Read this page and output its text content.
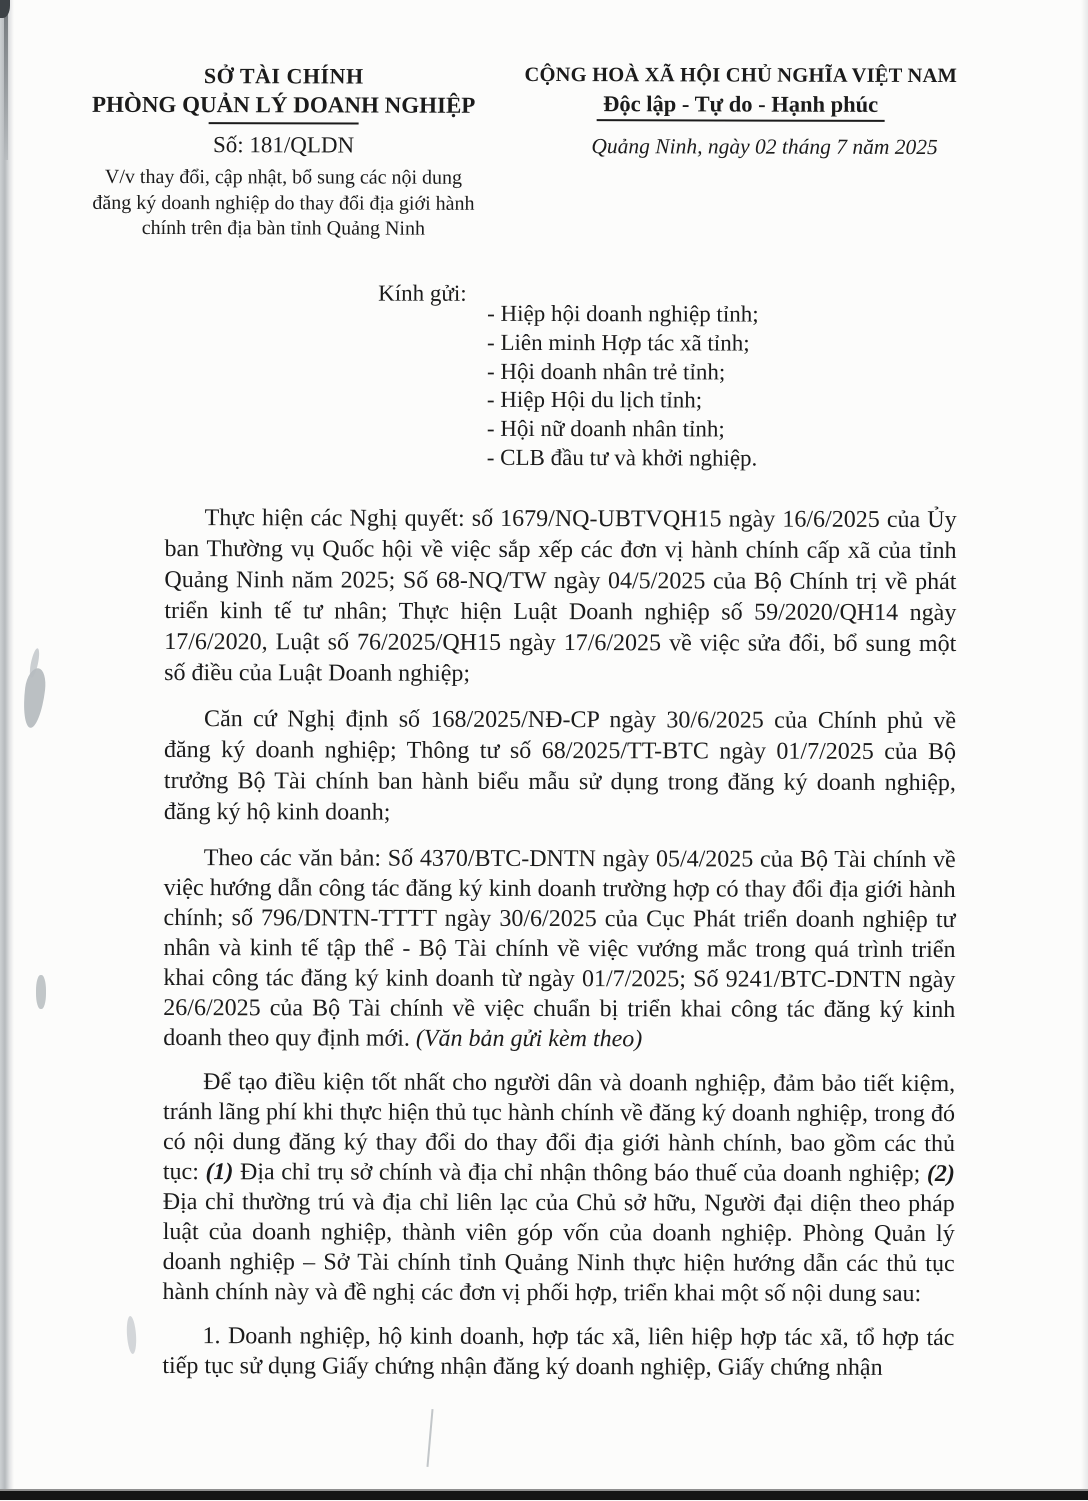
SỞ TÀI CHÍNH
PHÒNG QUẢN LÝ DOANH NGHIỆP
Số: 181/QLDN
V/v thay đổi, cập nhật, bổ sung các nội dung đăng ký doanh nghiệp do thay đổi địa giới hành chính trên địa bàn tỉnh Quảng Ninh
CỘNG HOÀ XÃ HỘI CHỦ NGHĨA VIỆT NAM
Độc lập - Tự do - Hạnh phúc
Quảng Ninh, ngày 02 tháng 7 năm 2025
Kính gửi:
- Hiệp hội doanh nghiệp tỉnh;
- Liên minh Hợp tác xã tỉnh;
- Hội doanh nhân trẻ tỉnh;
- Hiệp Hội du lịch tỉnh;
- Hội nữ doanh nhân tỉnh;
- CLB đầu tư và khởi nghiệp.

Thực hiện các Nghị quyết: số 1679/NQ-UBTVQH15 ngày 16/6/2025 của Ủy ban Thường vụ Quốc hội về việc sắp xếp các đơn vị hành chính cấp xã của tỉnh Quảng Ninh năm 2025; Số 68-NQ/TW ngày 04/5/2025 của Bộ Chính trị về phát triển kinh tế tư nhân; Thực hiện Luật Doanh nghiệp số 59/2020/QH14 ngày 17/6/2020, Luật số 76/2025/QH15 ngày 17/6/2025 về việc sửa đổi, bổ sung một số điều của Luật Doanh nghiệp;

Căn cứ Nghị định số 168/2025/NĐ-CP ngày 30/6/2025 của Chính phủ về đăng ký doanh nghiệp; Thông tư số 68/2025/TT-BTC ngày 01/7/2025 của Bộ trưởng Bộ Tài chính ban hành biểu mẫu sử dụng trong đăng ký doanh nghiệp, đăng ký hộ kinh doanh;

Theo các văn bản: Số 4370/BTC-DNTN ngày 05/4/2025 của Bộ Tài chính về việc hướng dẫn công tác đăng ký kinh doanh trường hợp có thay đổi địa giới hành chính; số 796/DNTN-TTTT ngày 30/6/2025 của Cục Phát triển doanh nghiệp tư nhân và kinh tế tập thể - Bộ Tài chính về việc vướng mắc trong quá trình triển khai công tác đăng ký kinh doanh từ ngày 01/7/2025; Số 9241/BTC-DNTN ngày 26/6/2025 của Bộ Tài chính về việc chuẩn bị triển khai công tác đăng ký kinh doanh theo quy định mới. (Văn bản gửi kèm theo)

Để tạo điều kiện tốt nhất cho người dân và doanh nghiệp, đảm bảo tiết kiệm, tránh lãng phí khi thực hiện thủ tục hành chính về đăng ký doanh nghiệp, trong đó có nội dung đăng ký thay đổi do thay đổi địa giới hành chính, bao gồm các thủ tục: (1) Địa chỉ trụ sở chính và địa chỉ nhận thông báo thuế của doanh nghiệp; (2) Địa chỉ thường trú và địa chỉ liên lạc của Chủ sở hữu, Người đại diện theo pháp luật của doanh nghiệp, thành viên góp vốn của doanh nghiệp. Phòng Quản lý doanh nghiệp – Sở Tài chính tỉnh Quảng Ninh thực hiện hướng dẫn các thủ tục hành chính này và đề nghị các đơn vị phối hợp, triển khai một số nội dung sau:

1. Doanh nghiệp, hộ kinh doanh, hợp tác xã, liên hiệp hợp tác xã, tổ hợp tác tiếp tục sử dụng Giấy chứng nhận đăng ký doanh nghiệp, Giấy chứng nhận
